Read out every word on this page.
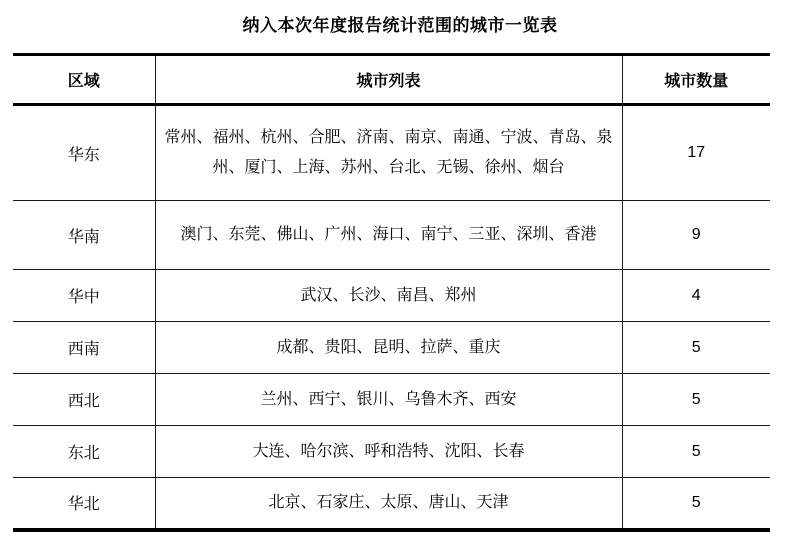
纳入本次年度报告统计范围的城市一览表
区域	城市列表	城市数量
华东	常州、福州、杭州、合肥、济南、南京、南通、宁波、青岛、泉州、厦门、上海、苏州、台北、无锡、徐州、烟台	17
华南	澳门、东莞、佛山、广州、海口、南宁、三亚、深圳、香港	9
华中	武汉、长沙、南昌、郑州	4
西南	成都、贵阳、昆明、拉萨、重庆	5
西北	兰州、西宁、银川、乌鲁木齐、西安	5
东北	大连、哈尔滨、呼和浩特、沈阳、长春	5
华北	北京、石家庄、太原、唐山、天津	5
